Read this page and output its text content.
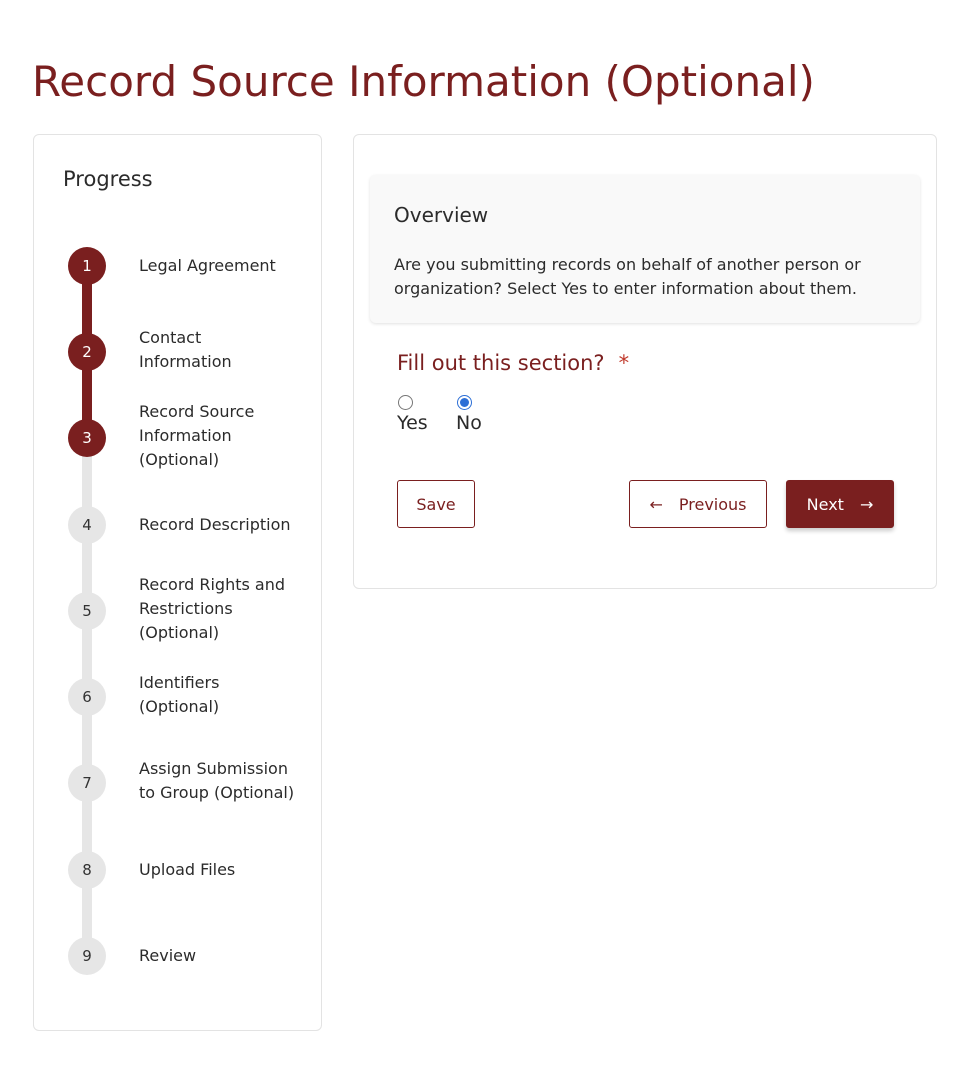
Record Source Information (Optional)
Progress
1	Legal Agreement
2
Contact Information
3
Record Source Information (Optional)
4	Record Description
5
Record Rights and Restrictions (Optional)
6
Identifiers (Optional)
7
Assign Submission to Group (Optional)
8	Upload Files
9	Review
Overview
Are you submitting records on behalf of another person or organization? Select Yes to enter information about them.
Fill out this section? *
Yes	No
Save	← Previous	Next →
